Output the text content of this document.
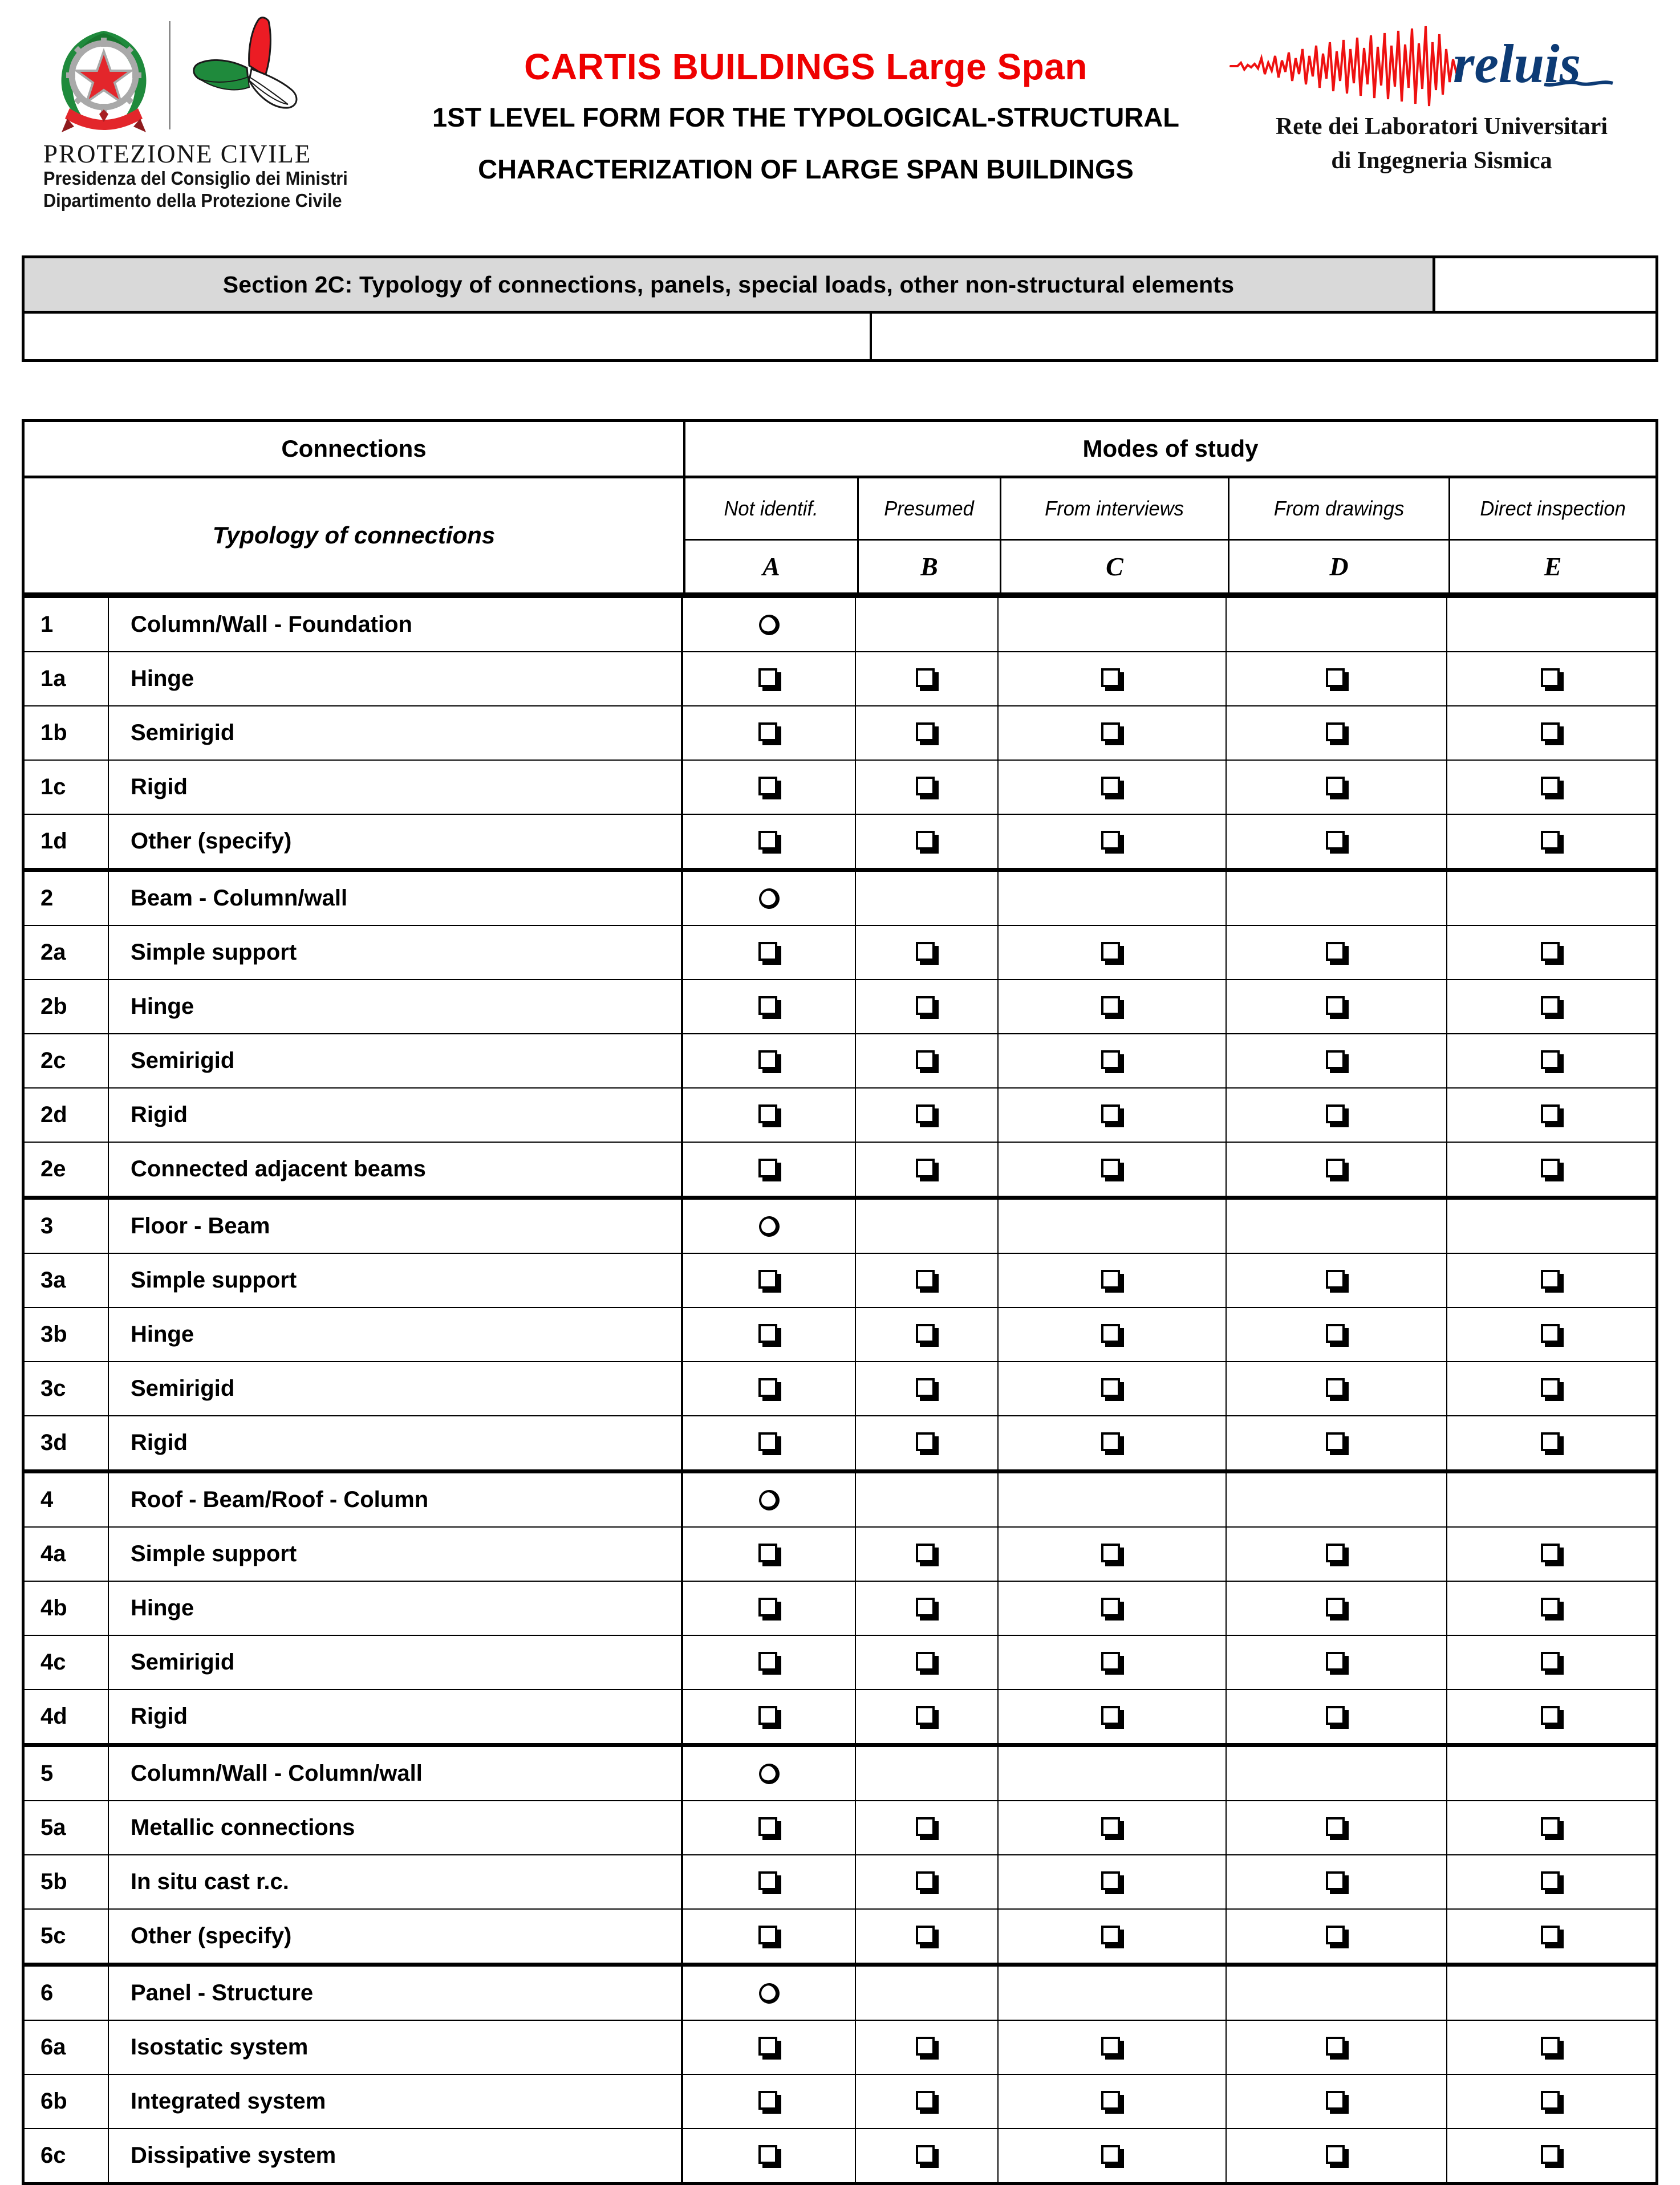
PROTEZIONE CIVILE
Presidenza del Consiglio dei Ministri
Dipartimento della Protezione Civile
CARTIS BUILDINGS Large Span
1ST LEVEL FORM FOR THE TYPOLOGICAL-STRUCTURAL
CHARACTERIZATION OF LARGE SPAN BUILDINGS
reluis
Rete dei Laboratori Universitari
di Ingegneria Sismica
Section 2C: Typology of connections, panels, special loads, other non-structural elements
Connections	Modes of study
Typology of connections
Not identif.	Presumed	From interviews	From drawings	Direct inspection
A	B	C	D	E
1	Column/Wall - Foundation
1a	Hinge
1b	Semirigid
1c	Rigid
1d	Other (specify)
2	Beam - Column/wall
2a	Simple support
2b	Hinge
2c	Semirigid
2d	Rigid
2e	Connected adjacent beams
3	Floor - Beam
3a	Simple support
3b	Hinge
3c	Semirigid
3d	Rigid
4	Roof - Beam/Roof - Column
4a	Simple support
4b	Hinge
4c	Semirigid
4d	Rigid
5	Column/Wall - Column/wall
5a	Metallic connections
5b	In situ cast r.c.
5c	Other (specify)
6	Panel - Structure
6a	Isostatic system
6b	Integrated system
6c	Dissipative system
